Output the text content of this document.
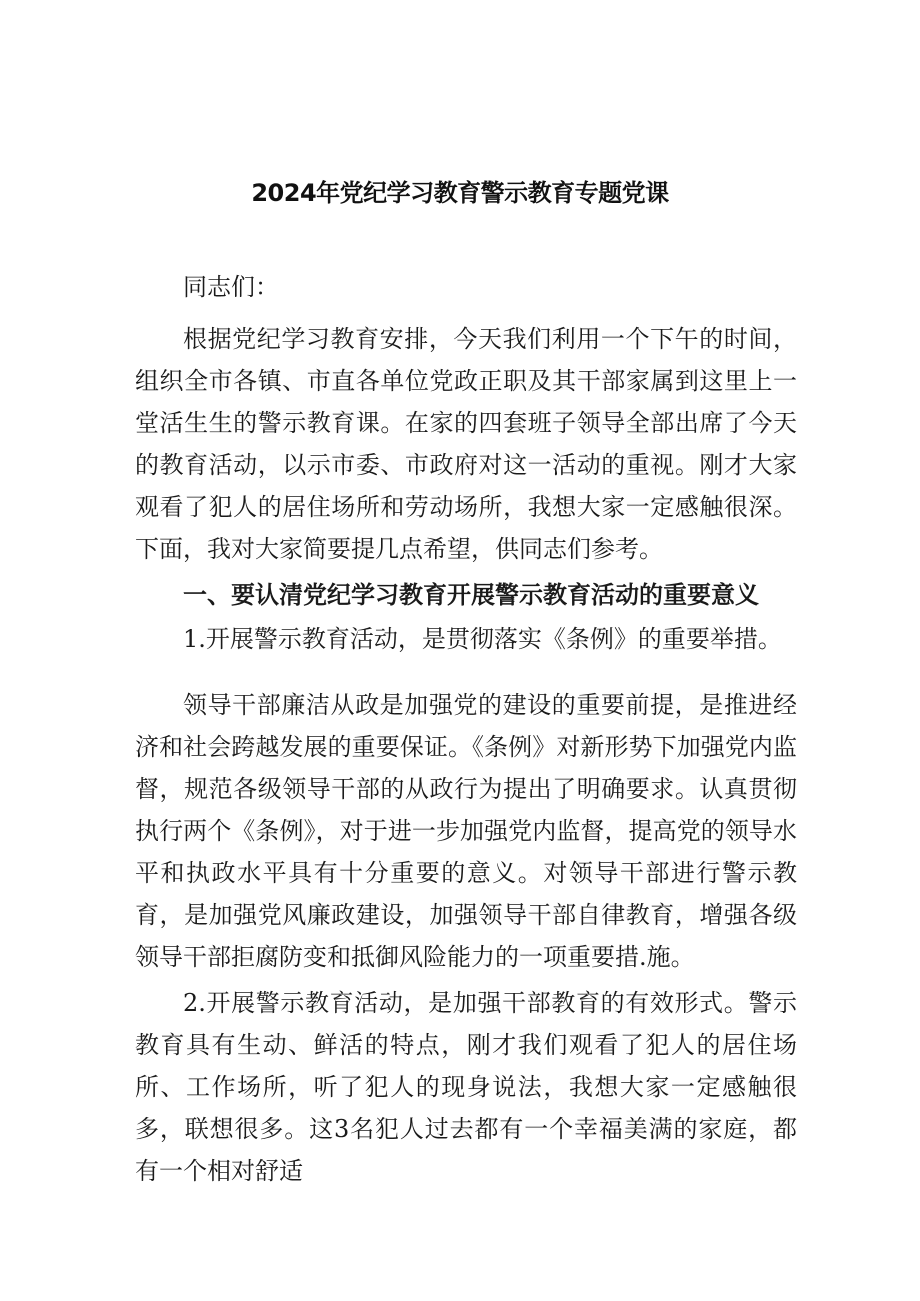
2024年党纪学习教育警示教育专题党课

同志们：

根据党纪学习教育安排，今天我们利用一个下午的时间，组织全市各镇、市直各单位党政正职及其干部家属到这里上一堂活生生的警示教育课。在家的四套班子领导全部出席了今天的教育活动，以示市委、市政府对这一活动的重视。刚才大家观看了犯人的居住场所和劳动场所，我想大家一定感触很深。下面，我对大家简要提几点希望，供同志们参考。

一、要认清党纪学习教育开展警示教育活动的重要意义

1.开展警示教育活动，是贯彻落实《条例》的重要举措。

领导干部廉洁从政是加强党的建设的重要前提，是推进经济和社会跨越发展的重要保证。《条例》对新形势下加强党内监督，规范各级领导干部的从政行为提出了明确要求。认真贯彻执行两个《条例》，对于进一步加强党内监督，提高党的领导水平和执政水平具有十分重要的意义。对领导干部进行警示教育，是加强党风廉政建设，加强领导干部自律教育，增强各级领导干部拒腐防变和抵御风险能力的一项重要措.施。

2.开展警示教育活动，是加强干部教育的有效形式。警示教育具有生动、鲜活的特点，刚才我们观看了犯人的居住场所、工作场所，听了犯人的现身说法，我想大家一定感触很多，联想很多。这3名犯人过去都有一个幸福美满的家庭，都有一个相对舒适
